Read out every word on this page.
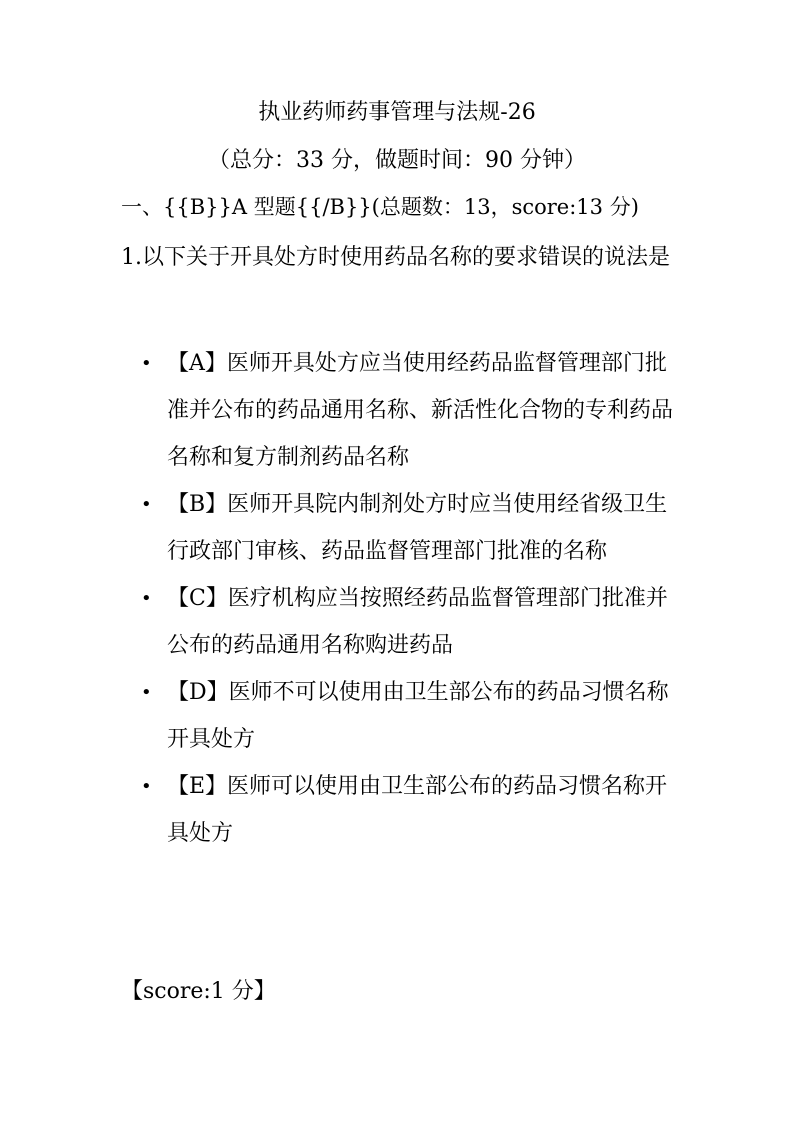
执业药师药事管理与法规-26
（总分：33 分，做题时间：90 分钟）
一、{{B}}A 型题{{/B}}(总题数：13，score:13 分)
1.以下关于开具处方时使用药品名称的要求错误的说法是
• 【A】医师开具处方应当使用经药品监督管理部门批准并公布的药品通用名称、新活性化合物的专利药品名称和复方制剂药品名称
• 【B】医师开具院内制剂处方时应当使用经省级卫生行政部门审核、药品监督管理部门批准的名称
• 【C】医疗机构应当按照经药品监督管理部门批准并公布的药品通用名称购进药品
• 【D】医师不可以使用由卫生部公布的药品习惯名称开具处方
• 【E】医师可以使用由卫生部公布的药品习惯名称开具处方
【score:1 分】
